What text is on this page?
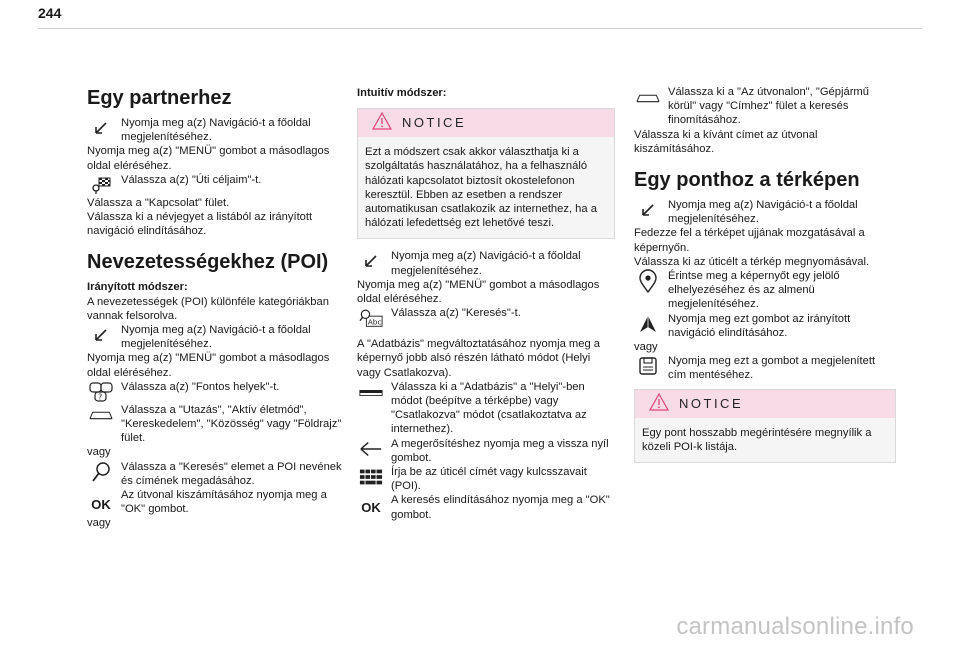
244
Egy partnerhez

Nyomja meg a(z) Navigáció-t a főoldal megjelenítéséhez.

Nyomja meg a(z) "MENÜ" gombot a másodlagos oldal eléréséhez.

Válassza a(z) "Úti céljaim"-t.

Válassza a "Kapcsolat" fület.

Válassza ki a névjegyet a listából az irányított navigáció elindításához.

Nevezetességekhez (POI)

Irányított módszer:

A nevezetességek (POI) különféle kategóriákban vannak felsorolva.

Nyomja meg a(z) Navigáció-t a főoldal megjelenítéséhez.

Nyomja meg a(z) "MENÜ" gombot a másodlagos oldal eléréséhez.

?

Válassza a(z) "Fontos helyek"-t.

Válassza a "Utazás", "Aktív életmód", "Kereskedelem", "Közösség" vagy "Földrajz" fület.

vagy

Válassza a "Keresés" elemet a POI nevének és címének megadásához.

OK

Az útvonal kiszámításához nyomja meg a "OK" gombot.

vagy

Intuitív módszer:

NOTICE
Ezt a módszert csak akkor választhatja ki a szolgáltatás használatához, ha a felhasználó hálózati kapcsolatot biztosít okostelefonon keresztül. Ebben az esetben a rendszer automatikusan csatlakozik az internethez, ha a hálózati lefedettség ezt lehetővé teszi.

Nyomja meg a(z) Navigáció-t a főoldal megjelenítéséhez.

Nyomja meg a(z) "MENÜ" gombot a másodlagos oldal eléréséhez.

Abc

Válassza a(z) "Keresés"-t.

A "Adatbázis" megváltoztatásához nyomja meg a képernyő jobb alsó részén látható módot (Helyi vagy Csatlakozva).

Válassza ki a "Adatbázis" a "Helyi"-ben módot (beépítve a térképbe) vagy "Csatlakozva" módot (csatlakoztatva az internethez).

A megerősítéshez nyomja meg a vissza nyíl gombot.

Írja be az úticél címét vagy kulcsszavait (POI).

OK A keresés elindításához nyomja meg a "OK" gombot.

Válassza ki a "Az útvonalon", "Gépjármű körül" vagy "Címhez" fület a keresés finomításához.

Válassza ki a kívánt címet az útvonal kiszámításához.

Egy ponthoz a térképen

Nyomja meg a(z) Navigáció-t a főoldal megjelenítéséhez.

Fedezze fel a térképet ujjának mozgatásával a képernyőn.

Válassza ki az úticélt a térkép megnyomásával.

Érintse meg a képernyőt egy jelölő elhelyezéséhez és az almenü megjelenítéséhez.

Nyomja meg ezt gombot az irányított navigáció elindításához.

vagy

Nyomja meg ezt a gombot a megjelenített cím mentéséhez.

NOTICE
Egy pont hosszabb megérintésére megnyílik a közeli POI-k listája.
carmanualsonline.info
